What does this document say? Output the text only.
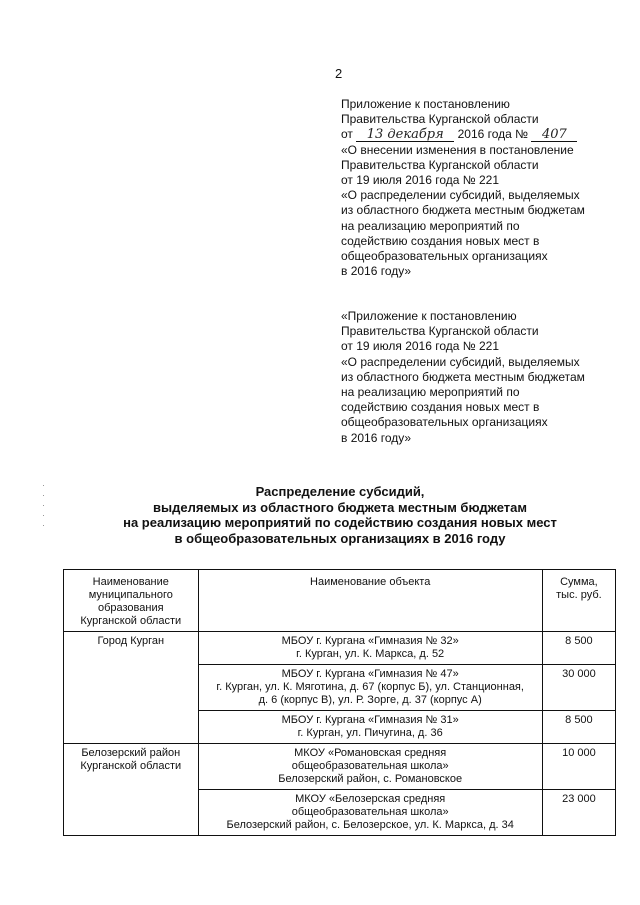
2
Приложение к постановлению
Правительства Курганской области
от 13 декабря 2016 года № 407
«О внесении изменения в постановление
Правительства Курганской области
от 19 июля 2016 года № 221
«О распределении субсидий, выделяемых
из областного бюджета местным бюджетам
на реализацию мероприятий по
содействию создания новых мест в
общеобразовательных организациях
в 2016 году»
«Приложение к постановлению
Правительства Курганской области
от 19 июля 2016 года № 221
«О распределении субсидий, выделяемых
из областного бюджета местным бюджетам
на реализацию мероприятий по
содействию создания новых мест в
общеобразовательных организациях
в 2016 году»
·
·
·
·
·
Распределение субсидий,
выделяемых из областного бюджета местным бюджетам
на реализацию мероприятий по содействию создания новых мест
в общеобразовательных организациях в 2016 году
Наименование
муниципального
образования
Курганской области	Наименование объекта	Сумма,
тыс. руб.

Город Курган	МБОУ г. Кургана «Гимназия № 32»
г. Курган, ул. К. Маркса, д. 52	8 500

	МБОУ г. Кургана «Гимназия № 47»
г. Курган, ул. К. Мяготина, д. 67 (корпус Б), ул. Станционная,
д. 6 (корпус В), ул. Р. Зорге, д. 37 (корпус А)	30 000

	МБОУ г. Кургана «Гимназия № 31»
г. Курган, ул. Пичугина, д. 36	8 500

Белозерский район
Курганской области	МКОУ «Романовская средняя
общеобразовательная школа»
Белозерский район, с. Романовское	10 000

	МКОУ «Белозерская средняя
общеобразовательная школа»
Белозерский район, с. Белозерское, ул. К. Маркса, д. 34	23 000
